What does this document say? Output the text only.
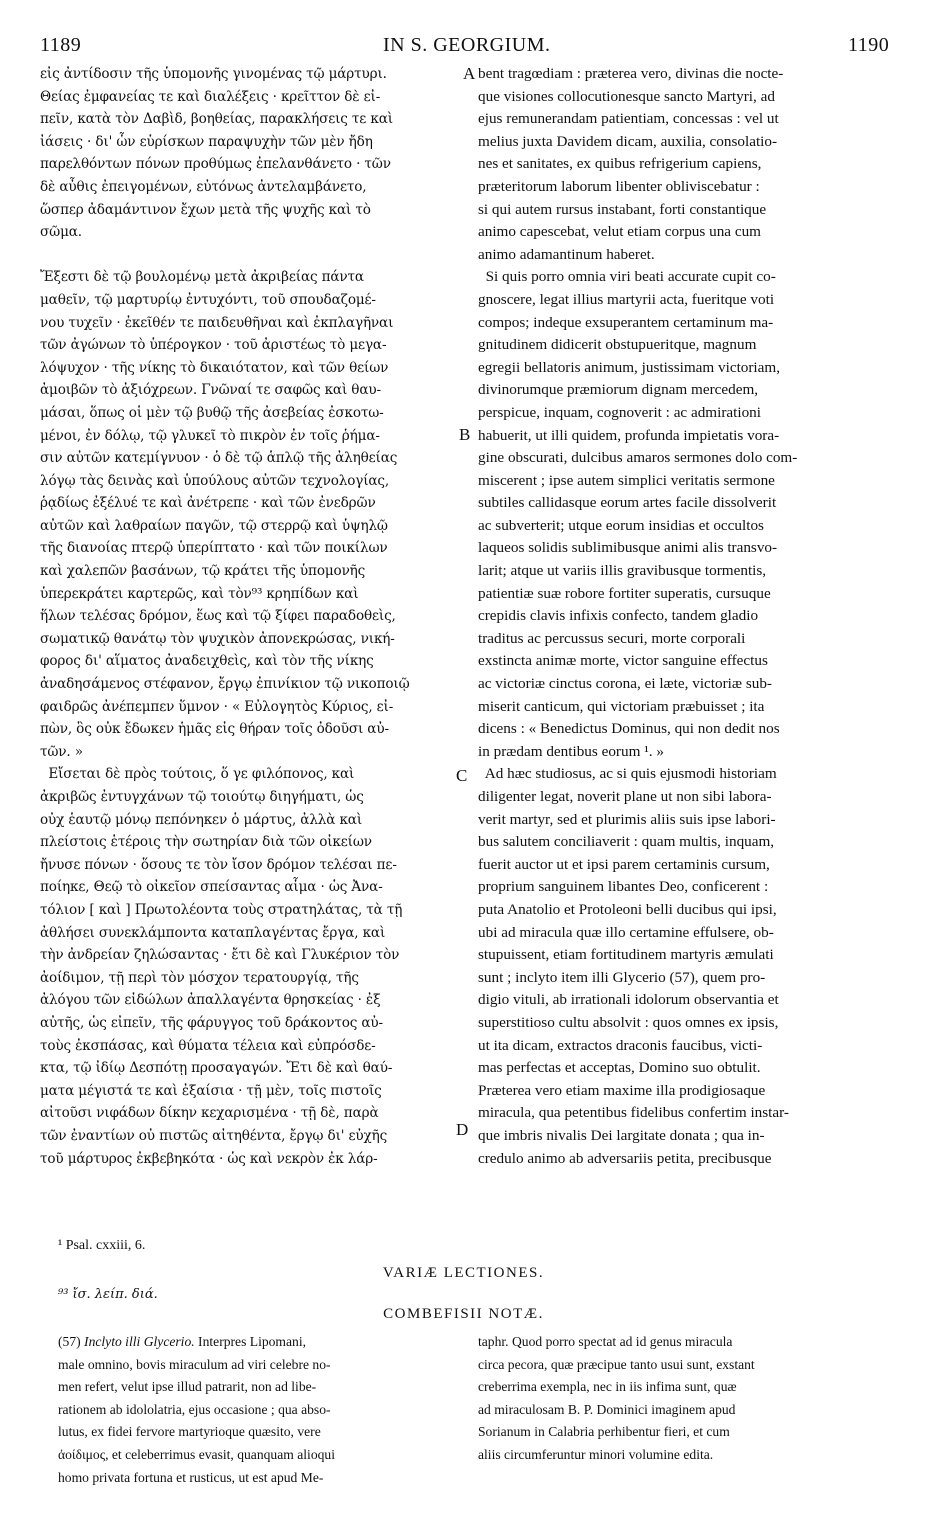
1189	IN S. GEORGIUM.	1190
εἰς ἀντίδοσιν τῆς ὑπομονῆς γινομένας τῷ μάρτυρι.
Θείας ἐμφανείας τε καὶ διαλέξεις · κρεῖττον δὲ εἰ-
πεῖν, κατὰ τὸν Δαβὶδ, βοηθείας, παρακλήσεις τε καὶ
ἰάσεις · δι' ὧν εὑρίσκων παραψυχὴν τῶν μὲν ἤδη
παρελθόντων πόνων προθύμως ἐπελανθάνετο · τῶν
δὲ αὖθις ἐπειγομένων, εὐτόνως ἀντελαμβάνετο,
ὥσπερ ἀδαμάντινον ἔχων μετὰ τῆς ψυχῆς καὶ τὸ
σῶμα.
Ἔξεστι δὲ τῷ βουλομένῳ μετὰ ἀκριβείας πάντα
μαθεῖν, τῷ μαρτυρίῳ ἐντυχόντι, τοῦ σπουδαζομέ-
νου τυχεῖν · ἐκεῖθέν τε παιδευθῆναι καὶ ἐκπλαγῆναι
τῶν ἀγώνων τὸ ὑπέρογκον · τοῦ ἀριστέως τὸ μεγα-
λόψυχον · τῆς νίκης τὸ δικαιότατον, καὶ τῶν θείων
ἀμοιβῶν τὸ ἀξιόχρεων. Γνῶναί τε σαφῶς καὶ θαυ-
μάσαι, ὅπως οἱ μὲν τῷ βυθῷ τῆς ἀσεβείας ἐσκοτω-
μένοι, ἐν δόλῳ, τῷ γλυκεῖ τὸ πικρὸν ἐν τοῖς ῥήμα-
σιν αὐτῶν κατεμίγνυον · ὁ δὲ τῷ ἁπλῷ τῆς ἀληθείας
λόγῳ τὰς δεινὰς καὶ ὑπούλους αὐτῶν τεχνολογίας,
ῥᾳδίως ἐξέλυέ τε καὶ ἀνέτρεπε · καὶ τῶν ἐνεδρῶν
αὐτῶν καὶ λαθραίων παγῶν, τῷ στερρῷ καὶ ὑψηλῷ
τῆς διανοίας πτερῷ ὑπερίπτατο · καὶ τῶν ποικίλων
καὶ χαλεπῶν βασάνων, τῷ κράτει τῆς ὑπομονῆς
ὑπερεκράτει καρτερῶς, καὶ τὸν⁹³ κρηπίδων καὶ
ἥλων τελέσας δρόμον, ἕως καὶ τῷ ξίφει παραδοθεὶς,
σωματικῷ θανάτῳ τὸν ψυχικὸν ἀπονεκρώσας, νική-
φορος δι' αἵματος ἀναδειχθεὶς, καὶ τὸν τῆς νίκης
ἀναδησάμενος στέφανον, ἔργῳ ἐπινίκιον τῷ νικοποιῷ
φαιδρῶς ἀνέπεμπεν ὕμνον · « Εὐλογητὸς Κύριος, εἰ-
πὼν, ὃς οὐκ ἔδωκεν ἡμᾶς εἰς θήραν τοῖς ὀδοῦσι αὐ-
τῶν. »
Εἴσεται δὲ πρὸς τούτοις, ὅ γε φιλόπονος, καὶ
ἀκριβῶς ἐντυγχάνων τῷ τοιούτῳ διηγήματι, ὡς
οὐχ ἑαυτῷ μόνῳ πεπόνηκεν ὁ μάρτυς, ἀλλὰ καὶ
πλείστοις ἑτέροις τὴν σωτηρίαν διὰ τῶν οἰκείων
ἤνυσε πόνων · ὅσους τε τὸν ἴσον δρόμον τελέσαι πε-
ποίηκε, Θεῷ τὸ οἰκεῖον σπείσαντας αἷμα · ὡς Ἀνα-
τόλιον [ καὶ ] Πρωτολέοντα τοὺς στρατηλάτας, τὰ τῇ
ἀθλήσει συνεκλάμποντα καταπλαγέντας ἔργα, καὶ
τὴν ἀνδρείαν ζηλώσαντας · ἔτι δὲ καὶ Γλυκέριον τὸν
ἀοίδιμον, τῇ περὶ τὸν μόσχον τερατουργίᾳ, τῆς
ἀλόγου τῶν εἰδώλων ἀπαλλαγέντα θρησκείας · ἐξ
αὐτῆς, ὡς εἰπεῖν, τῆς φάρυγγος τοῦ δράκοντος αὐ-
τοὺς ἐκσπάσας, καὶ θύματα τέλεια καὶ εὐπρόσδε-
κτα, τῷ ἰδίῳ Δεσπότῃ προσαγαγών. Ἔτι δὲ καὶ θαύ-
ματα μέγιστά τε καὶ ἐξαίσια · τῇ μὲν, τοῖς πιστοῖς
αἰτοῦσι νιφάδων δίκην κεχαρισμένα · τῇ δὲ, παρὰ
τῶν ἐναντίων οὐ πιστῶς αἰτηθέντα, ἔργῳ δι' εὐχῆς
τοῦ μάρτυρος ἐκβεβηκότα · ὡς καὶ νεκρὸν ἐκ λάρ-
bent tragœdiam : præterea vero, divinas die nocte-
que visiones collocutionesque sancto Martyri, ad
ejus remunerandam patientiam, concessas : vel ut
melius juxta Davidem dicam, auxilia, consolatio-
nes et sanitates, ex quibus refrigerium capiens,
præteritorum laborum libenter obliviscebatur :
si qui autem rursus instabant, forti constantique
animo capescebat, velut etiam corpus una cum
animo adamantinum haberet.
Si quis porro omnia viri beati accurate cupit co-
gnoscere, legat illius martyrii acta, fueritque voti
compos; indeque exsuperantem certaminum ma-
gnitudinem didicerit obstupueritque, magnum
egregii bellatoris animum, justissimam victoriam,
divinorumque præmiorum dignam mercedem,
perspicue, inquam, cognoverit : ac admirationi
habuerit, ut illi quidem, profunda impietatis vora-
gine obscurati, dulcibus amaros sermones dolo com-
miscerent ; ipse autem simplici veritatis sermone
subtiles callidasque eorum artes facile dissolverit
ac subverterit; utque eorum insidias et occultos
laqueos solidis sublimibusque animi alis transvo-
larit; atque ut variis illis gravibusque tormentis,
patientiæ suæ robore fortiter superatis, cursuque
crepidis clavis infixis confecto, tandem gladio
traditus ac percussus securi, morte corporali
exstincta animæ morte, victor sanguine effectus
ac victoriæ cinctus corona, ei læte, victoriæ sub-
miserit canticum, qui victoriam præbuisset ; ita
dicens : « Benedictus Dominus, qui non dedit nos
in prædam dentibus eorum ¹. »
Ad hæc studiosus, ac si quis ejusmodi historiam
diligenter legat, noverit plane ut non sibi labora-
verit martyr, sed et plurimis aliis suis ipse labori-
bus salutem conciliaverit : quam multis, inquam,
fuerit auctor ut et ipsi parem certaminis cursum,
proprium sanguinem libantes Deo, conficerent :
puta Anatolio et Protoleoni belli ducibus qui ipsi,
ubi ad miracula quæ illo certamine effulsere, ob-
stupuissent, etiam fortitudinem martyris æmulati
sunt ; inclyto item illi Glycerio (57), quem pro-
digio vituli, ab irrationali idolorum observantia et
superstitioso cultu absolvit : quos omnes ex ipsis,
ut ita dicam, extractos draconis faucibus, victi-
mas perfectas et acceptas, Domino suo obtulit.
Præterea vero etiam maxime illa prodigiosaque
miracula, qua petentibus fidelibus confertim instar-
que imbris nivalis Dei largitate donata ; qua in-
credulo animo ab adversariis petita, precibusque
A
B
C
D
¹ Psal. cxxiii, 6.
⁹³ ἴσ. λείπ. διά.
VARIÆ LECTIONES.
COMBEFISII NOTÆ.
(57) Inclyto illi Glycerio. Interpres Lipomani,
male omnino, bovis miraculum ad viri celebre no-
men refert, velut ipse illud patrarit, non ad libe-
rationem ab idololatria, ejus occasione ; qua abso-
lutus, ex fidei fervore martyrioque quæsito, vere
ἀοίδιμος, et celeberrimus evasit, quanquam alioqui
homo privata fortuna et rusticus, ut est apud Me-
taphr. Quod porro spectat ad id genus miracula
circa pecora, quæ præcipue tanto usui sunt, exstant
creberrima exempla, nec in iis infima sunt, quæ
ad miraculosam B. P. Dominici imaginem apud
Sorianum in Calabria perhibentur fieri, et cum
aliis circumferuntur minori volumine edita.
